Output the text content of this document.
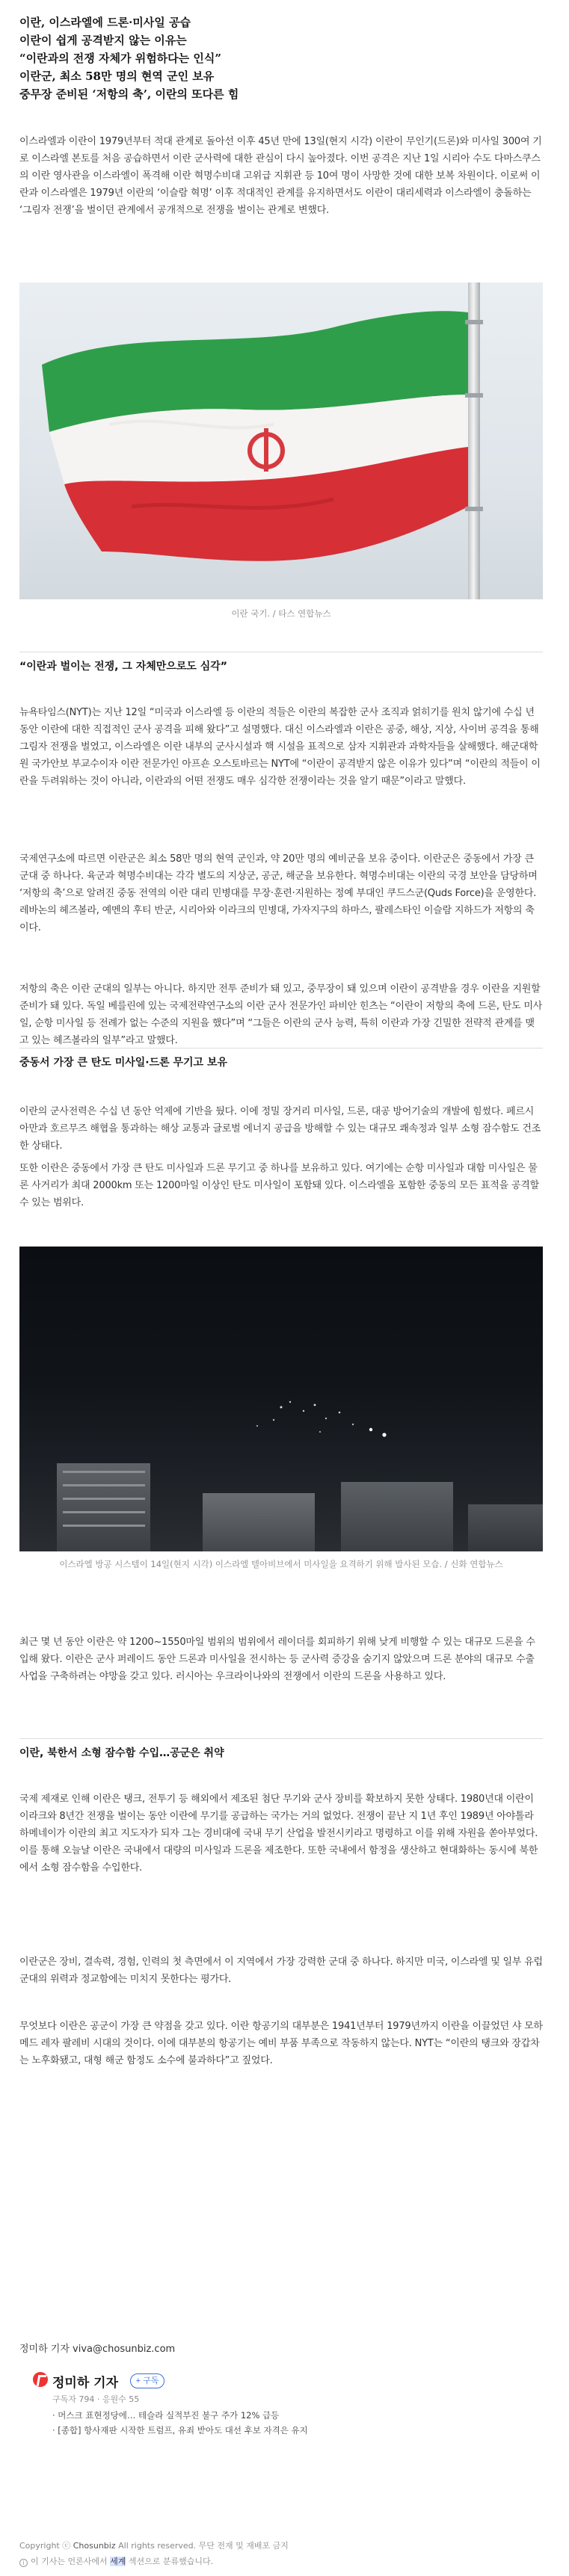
이란, 이스라엘에 드론·미사일 공습
이란이 쉽게 공격받지 않는 이유는
“이란과의 전쟁 자체가 위험하다는 인식”
이란군, 최소 58만 명의 현역 군인 보유
중무장 준비된 ‘저항의 축’, 이란의 또다른 힘

이스라엘과 이란이 1979년부터 적대 관계로 돌아선 이후 45년 만에 13일(현지 시각) 이란이 무인기(드론)와 미사일 300여 기로 이스라엘 본토를 처음 공습하면서 이란 군사력에 대한 관심이 다시 높아졌다. 이번 공격은 지난 1일 시리아 수도 다마스쿠스의 이란 영사관을 이스라엘이 폭격해 이란 혁명수비대 고위급 지휘관 등 10여 명이 사망한 것에 대한 보복 차원이다. 이로써 이란과 이스라엘은 1979년 이란의 ‘이슬람 혁명’ 이후 적대적인 관계를 유지하면서도 이란이 대리세력과 이스라엘이 충돌하는 ‘그림자 전쟁’을 벌이던 관계에서 공개적으로 전쟁을 벌이는 관계로 변했다.

이란 국기. / 타스 연합뉴스
“이란과 벌이는 전쟁, 그 자체만으로도 심각”

뉴욕타임스(NYT)는 지난 12일 “미국과 이스라엘 등 이란의 적들은 이란의 복잡한 군사 조직과 얽히기를 원치 않기에 수십 년 동안 이란에 대한 직접적인 군사 공격을 피해 왔다”고 설명했다. 대신 이스라엘과 이란은 공중, 해상, 지상, 사이버 공격을 통해 그림자 전쟁을 벌였고, 이스라엘은 이란 내부의 군사시설과 핵 시설을 표적으로 삼자 지휘관과 과학자들을 살해했다. 해군대학원 국가안보 부교수이자 이란 전문가인 아프숀 오스토바르는 NYT에 “이란이 공격받지 않은 이유가 있다”며 “이란의 적들이 이란을 두려워하는 것이 아니라, 이란과의 어떤 전쟁도 매우 심각한 전쟁이라는 것을 알기 때문”이라고 말했다.

국제연구소에 따르면 이란군은 최소 58만 명의 현역 군인과, 약 20만 명의 예비군을 보유 중이다. 이란군은 중동에서 가장 큰 군대 중 하나다. 육군과 혁명수비대는 각각 별도의 지상군, 공군, 해군을 보유한다. 혁명수비대는 이란의 국경 보안을 담당하며 ‘저항의 축’으로 알려진 중동 전역의 이란 대리 민병대를 무장·훈련·지원하는 정예 부대인 쿠드스군(Quds Force)을 운영한다. 레바논의 헤즈볼라, 예멘의 후티 반군, 시리아와 이라크의 민병대, 가자지구의 하마스, 팔레스타인 이슬람 지하드가 저항의 축이다.

저항의 축은 이란 군대의 일부는 아니다. 하지만 전투 준비가 돼 있고, 중무장이 돼 있으며 이란이 공격받을 경우 이란을 지원할 준비가 돼 있다. 독일 베를린에 있는 국제전략연구소의 이란 군사 전문가인 파비안 힌츠는 “이란이 저항의 축에 드론, 탄도 미사일, 순항 미사일 등 전례가 없는 수준의 지원을 했다”며 “그들은 이란의 군사 능력, 특히 이란과 가장 긴밀한 전략적 관계를 맺고 있는 헤즈볼라의 일부”라고 말했다.

중동서 가장 큰 탄도 미사일·드론 무기고 보유

이란의 군사전력은 수십 년 동안 억제에 기반을 뒀다. 이에 정밀 장거리 미사일, 드론, 대공 방어기술의 개발에 힘썼다. 페르시아만과 호르무즈 해협을 통과하는 해상 교통과 글로벌 에너지 공급을 방해할 수 있는 대규모 쾌속정과 일부 소형 잠수함도 건조한 상태다.

또한 이란은 중동에서 가장 큰 탄도 미사일과 드론 무기고 중 하나를 보유하고 있다. 여기에는 순항 미사일과 대함 미사일은 물론 사거리가 최대 2000km 또는 1200마일 이상인 탄도 미사일이 포함돼 있다. 이스라엘을 포함한 중동의 모든 표적을 공격할 수 있는 범위다.

이스라엘 방공 시스템이 14일(현지 시각) 이스라엘 텔아비브에서 미사일을 요격하기 위해 발사된 모습. / 신화 연합뉴스

최근 몇 년 동안 이란은 약 1200~1550마일 범위의 범위에서 레이더를 회피하기 위해 낮게 비행할 수 있는 대규모 드론을 수입해 왔다. 이란은 군사 퍼레이드 동안 드론과 미사일을 전시하는 등 군사력 증강을 숨기지 않았으며 드론 분야의 대규모 수출 사업을 구축하려는 야망을 갖고 있다. 러시아는 우크라이나와의 전쟁에서 이란의 드론을 사용하고 있다.

이란, 북한서 소형 잠수함 수입…공군은 취약

국제 제재로 인해 이란은 탱크, 전투기 등 해외에서 제조된 첨단 무기와 군사 장비를 확보하지 못한 상태다. 1980년대 이란이 이라크와 8년간 전쟁을 벌이는 동안 이란에 무기를 공급하는 국가는 거의 없었다. 전쟁이 끝난 지 1년 후인 1989년 아야톨라 하메네이가 이란의 최고 지도자가 되자 그는 경비대에 국내 무기 산업을 발전시키라고 명령하고 이를 위해 자원을 쏟아부었다. 이를 통해 오늘날 이란은 국내에서 대량의 미사일과 드론을 제조한다. 또한 국내에서 함정을 생산하고 현대화하는 동시에 북한에서 소형 잠수함을 수입한다.

이란군은 장비, 결속력, 경험, 인력의 첫 측면에서 이 지역에서 가장 강력한 군대 중 하나다. 하지만 미국, 이스라엘 및 일부 유럽 군대의 위력과 정교함에는 미치지 못한다는 평가다.

무엇보다 이란은 공군이 가장 큰 약점을 갖고 있다. 이란 항공기의 대부분은 1941년부터 1979년까지 이란을 이끌었던 샤 모하메드 레자 팔레비 시대의 것이다. 이에 대부분의 항공기는 예비 부품 부족으로 작동하지 않는다. NYT는 “이란의 탱크와 장갑차는 노후화됐고, 대형 해군 함정도 소수에 불과하다”고 짚었다.

정미하 기자 viva@chosunbiz.com
정미하 기자	+ 구독
구독자 794 · 응원수 55
· 머스크 표현정당에… 테슬라 실적부진 불구 주가 12% 급등
· [종합] 항사재판 시작한 트럼프, 유죄 받아도 대선 후보 자격은 유지
Copyright ⓒ Chosunbiz All rights reserved. 무단 전재 및 재배포 금지
i 이 기사는 언론사에서 세계 섹션으로 분류했습니다.
